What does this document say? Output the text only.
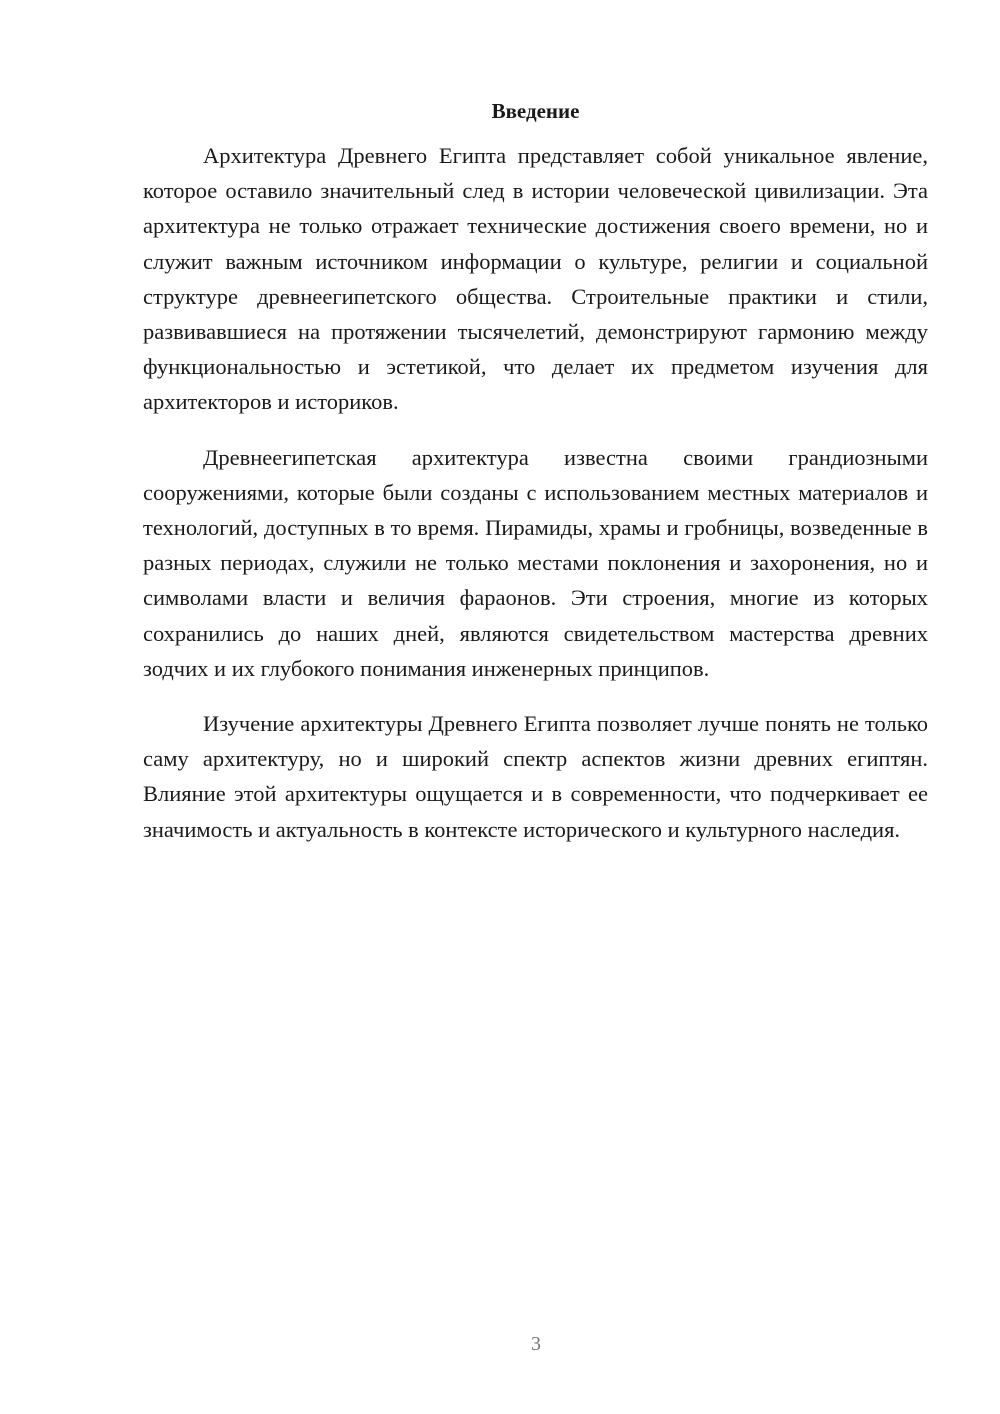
Введение

Архитектура Древнего Египта представляет собой уникальное явление, которое оставило значительный след в истории человеческой цивилизации. Эта архитектура не только отражает технические достижения своего времени, но и служит важным источником информации о культуре, религии и социальной структуре древнеегипетского общества. Строительные практики и стили, развивавшиеся на протяжении тысячелетий, демонстрируют гармонию между функциональностью и эстетикой, что делает их предметом изучения для архитекторов и историков.

Древнеегипетская архитектура известна своими грандиозными сооружениями, которые были созданы с использованием местных материалов и технологий, доступных в то время. Пирамиды, храмы и гробницы, возведенные в разных периодах, служили не только местами поклонения и захоронения, но и символами власти и величия фараонов. Эти строения, многие из которых сохранились до наших дней, являются свидетельством мастерства древних зодчих и их глубокого понимания инженерных принципов.

Изучение архитектуры Древнего Египта позволяет лучше понять не только саму архитектуру, но и широкий спектр аспектов жизни древних египтян. Влияние этой архитектуры ощущается и в современности, что подчеркивает ее значимость и актуальность в контексте исторического и культурного наследия.

3
